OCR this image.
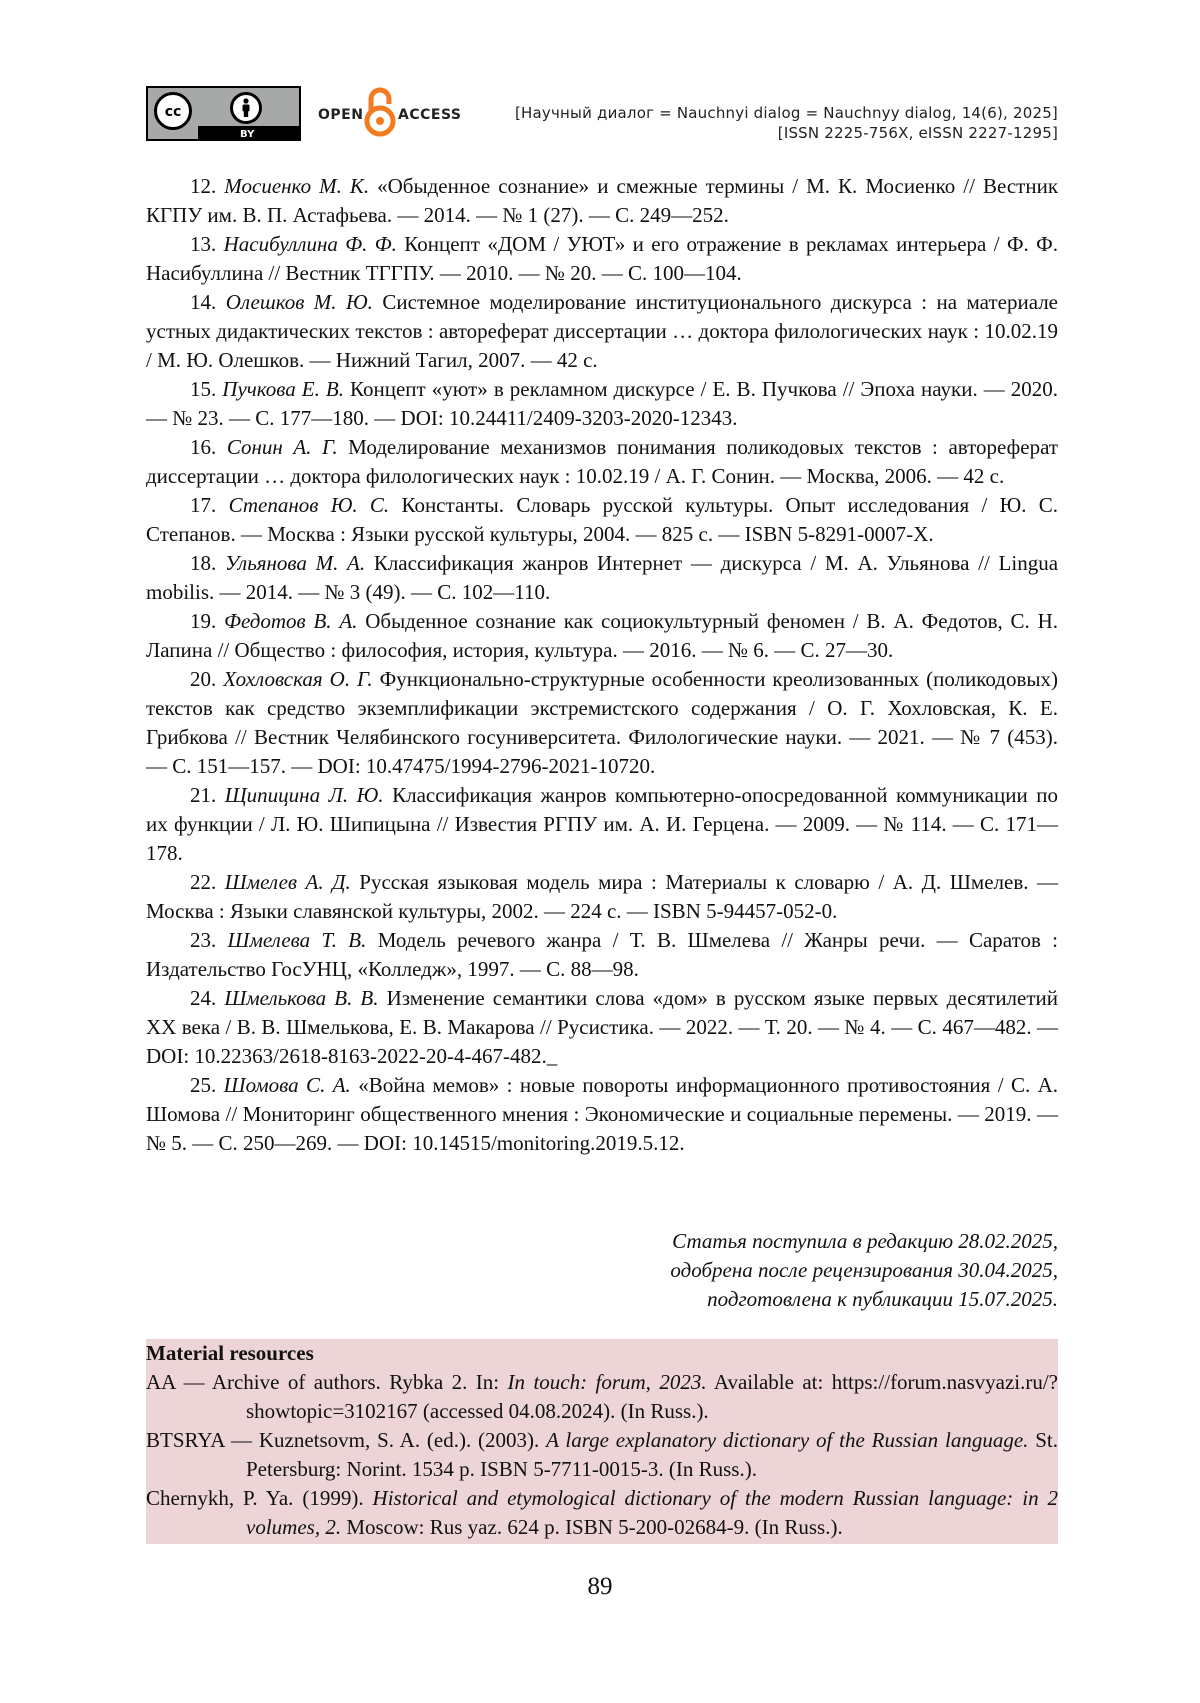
cc
BY
OPEN ACCESS	[Научный диалог = Nauchnyi dialog = Nauchnyy dialog, 14(6), 2025]
[ISSN 2225-756X, eISSN 2227-1295]

12. Мосиенко М. К. «Обыденное сознание» и смежные термины / М. К. Мосиенко // Вестник КГПУ им. В. П. Астафьева. — 2014. — № 1 (27). — С. 249—252.

13. Насибуллина Ф. Ф. Концепт «ДОМ / УЮТ» и его отражение в рекламах интерьера / Ф. Ф. Насибуллина // Вестник ТГГПУ. — 2010. — № 20. — С. 100—104.

14. Олешков М. Ю. Системное моделирование институционального дискурса : на материале устных дидактических текстов : автореферат диссертации … доктора филологических наук : 10.02.19 / М. Ю. Олешков. — Нижний Тагил, 2007. — 42 с.

15. Пучкова Е. В. Концепт «уют» в рекламном дискурсе / Е. В. Пучкова // Эпоха науки. — 2020. — № 23. — С. 177—180. — DOI: 10.24411/2409-3203-2020-12343.

16. Сонин А. Г. Моделирование механизмов понимания поликодовых текстов : автореферат диссертации … доктора филологических наук : 10.02.19 / А. Г. Сонин. — Москва, 2006. — 42 с.

17. Степанов Ю. С. Константы. Словарь русской культуры. Опыт исследования / Ю. С. Степанов. — Москва : Языки русской культуры, 2004. — 825 с. — ISBN 5-8291-0007-X.

18. Ульянова М. А. Классификация жанров Интернет — дискурса / М. А. Ульянова // Lingua mobilis. — 2014. — № 3 (49). — С. 102—110.

19. Федотов В. А. Обыденное сознание как социокультурный феномен / В. А. Федотов, С. Н. Лапина // Общество : философия, история, культура. — 2016. — № 6. — С. 27—30.

20. Хохловская О. Г. Функционально-структурные особенности креолизованных (поликодовых) текстов как средство экземплификации экстремистского содержания / О. Г. Хохловская, К. Е. Грибкова // Вестник Челябинского госуниверситета. Филологические науки. — 2021. — № 7 (453). — С. 151—157. — DOI: 10.47475/1994-2796-2021-10720.

21. Щипицина Л. Ю. Классификация жанров компьютерно-опосредованной коммуникации по их функции / Л. Ю. Шипицына // Известия РГПУ им. А. И. Герцена. — 2009. — № 114. — С. 171—178.

22. Шмелев А. Д. Русская языковая модель мира : Материалы к словарю / А. Д. Шмелев. — Москва : Языки славянской культуры, 2002. — 224 с. — ISBN 5-94457-052-0.

23. Шмелева Т. В. Модель речевого жанра / Т. В. Шмелева // Жанры речи. — Саратов : Издательство ГосУНЦ, «Колледж», 1997. — С. 88—98.

24. Шмелькова В. В. Изменение семантики слова «дом» в русском языке первых десятилетий XX века / В. В. Шмелькова, Е. В. Макарова // Русистика. — 2022. — Т. 20. — № 4. — С. 467—482. — DOI: 10.22363/2618-8163-2022-20-4-467-482._

25. Шомова С. А. «Война мемов» : новые повороты информационного противостояния / С. А. Шомова // Мониторинг общественного мнения : Экономические и социальные перемены. — 2019. — № 5. — С. 250—269. — DOI: 10.14515/monitoring.2019.5.12.

Статья поступила в редакцию 28.02.2025,
одобрена после рецензирования 30.04.2025,
подготовлена к публикации 15.07.2025.

Material resources

AA — Archive of authors. Rybka 2. In: In touch: forum, 2023. Available at: https://forum.nasvyazi.ru/?showtopic=3102167 (accessed 04.08.2024). (In Russ.).

BTSRYA — Kuznetsovm, S. A. (ed.). (2003). A large explanatory dictionary of the Russian language. St. Petersburg: Norint. 1534 p. ISBN 5-7711-0015-3. (In Russ.).

Chernykh, P. Ya. (1999). Historical and etymological dictionary of the modern Russian language: in 2 volumes, 2. Moscow: Rus yaz. 624 p. ISBN 5-200-02684-9. (In Russ.).

89
